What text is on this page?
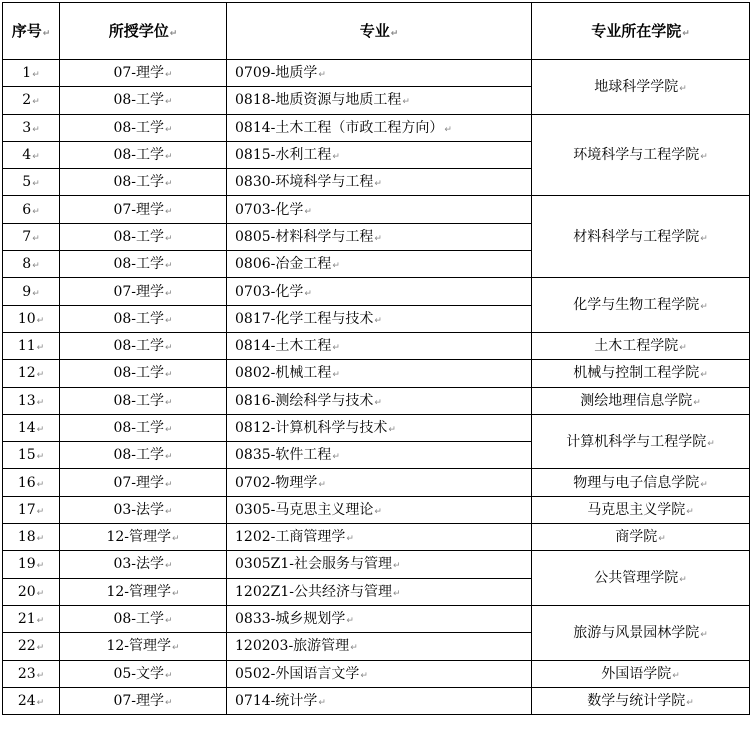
序号↵	所授学位↵	专业↵	专业所在学院↵
1↵	07-理学↵	0709-地质学↵	地球科学学院↵
2↵	08-工学↵	0818-地质资源与地质工程↵	
3↵	08-工学↵	0814-土木工程（市政工程方向）↵	环境科学与工程学院↵
4↵	08-工学↵	0815-水利工程↵	
5↵	08-工学↵	0830-环境科学与工程↵	
6↵	07-理学↵	0703-化学↵	材料科学与工程学院↵
7↵	08-工学↵	0805-材料科学与工程↵	
8↵	08-工学↵	0806-冶金工程↵	
9↵	07-理学↵	0703-化学↵	化学与生物工程学院↵
10↵	08-工学↵	0817-化学工程与技术↵	
11↵	08-工学↵	0814-土木工程↵	土木工程学院↵
12↵	08-工学↵	0802-机械工程↵	机械与控制工程学院↵
13↵	08-工学↵	0816-测绘科学与技术↵	测绘地理信息学院↵
14↵	08-工学↵	0812-计算机科学与技术↵	计算机科学与工程学院↵
15↵	08-工学↵	0835-软件工程↵	
16↵	07-理学↵	0702-物理学↵	物理与电子信息学院↵
17↵	03-法学↵	0305-马克思主义理论↵	马克思主义学院↵
18↵	12-管理学↵	1202-工商管理学↵	商学院↵
19↵	03-法学↵	0305Z1-社会服务与管理↵	公共管理学院↵
20↵	12-管理学↵	1202Z1-公共经济与管理↵	
21↵	08-工学↵	0833-城乡规划学↵	旅游与风景园林学院↵
22↵	12-管理学↵	120203-旅游管理↵	
23↵	05-文学↵	0502-外国语言文学↵	外国语学院↵
24↵	07-理学↵	0714-统计学↵	数学与统计学院↵
